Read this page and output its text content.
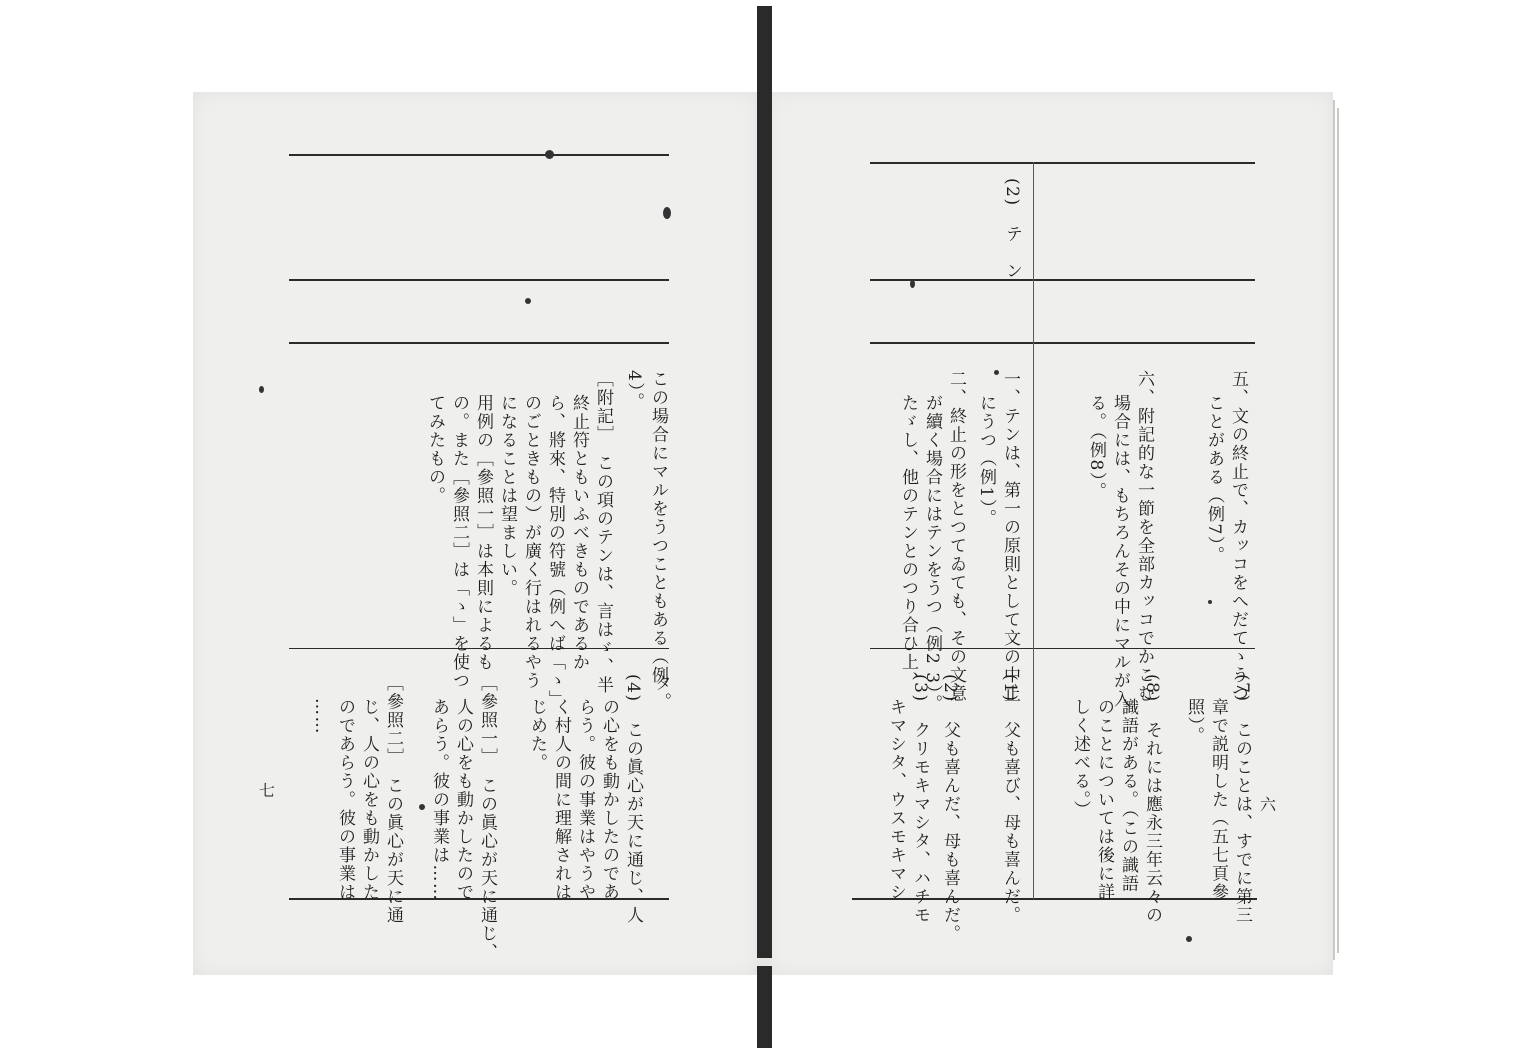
この場合にマルをうつこともある（例
4）。
［附記］　この項のテンは、言はゞ、半
終止符ともいふべきものであるか
ら、將來、特別の符號（例へば「ゝ」
のごときもの）が廣く行はれるやう
になることは望ましい。
用例の［參照一］は本則によるも
の。また［參照二］は「ゝ」を使つ
てみたもの。
タ。
(4)　この眞心が天に通じ、人
の心をも動かしたのであ
らう。彼の事業はやうや
く村人の間に理解されは
じめた。
［參照一］　この眞心が天に通じ、
人の心をも動かしたので
あらう。彼の事業は……
［參照二］　この眞心が天に通
じ、人の心をも動かした
のであらう。彼の事業は
……
七
(2)　テ　ン
五、文の終止で、カッコをへだてゝうつ
ことがある（例7）。
六、附記的な一節を全部カッコでかこむ
場合には、もちろんその中にマルが入
る。（例8）。
一、テンは、第一の原則として文の中止
にうつ（例1）。
二、終止の形をとつてゐても、その文意
が續く場合にはテンをうつ（例2 3）。
たゞし、他のテンとのつり合ひ上、
(7)　このことは、すでに第三
章で説明した（五七頁參
照）。
(8)　それには應永三年云々の
識語がある。（この識語
のことについては後に詳
しく述べる。）
(1)　父も喜び、母も喜んだ。
(2)　父も喜んだ、母も喜んだ。
(3)　クリモキマシタ、ハチモ
キマシタ、ウスモキマシ	六
